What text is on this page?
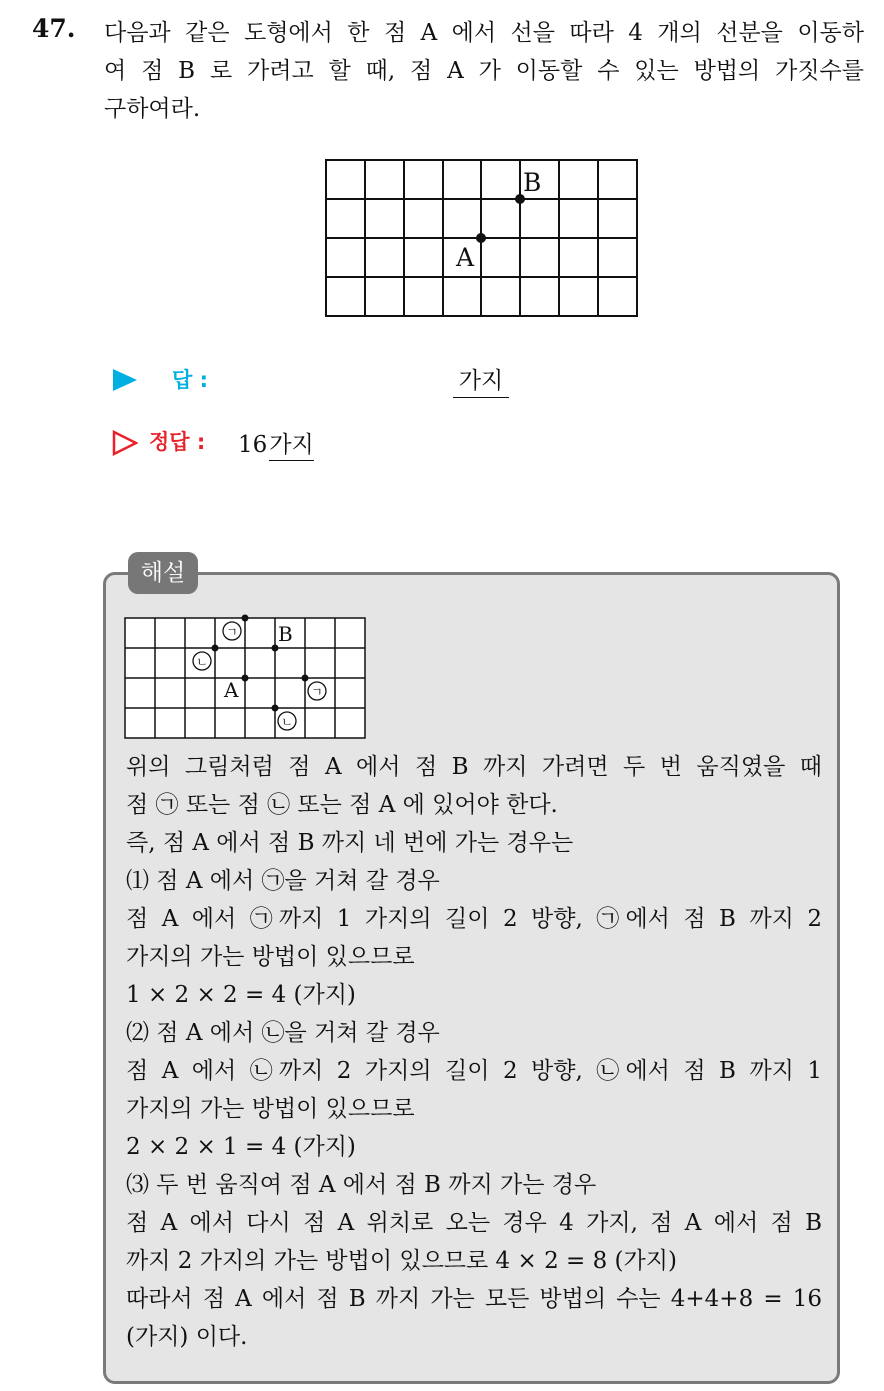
47. 다음과 같은 도형에서 한 점 A 에서 선을 따라 4 개의 선분을 이동하
여 점 B 로 가려고 할 때, 점 A 가 이동할 수 있는 방법의 가짓수를
구하여라.
A
B
답 :	가지
정답 : 16가지
해설
B
A
ㄱ
ㄴ
ㄱ
ㄴ
위의 그림처럼 점 A 에서 점 B 까지 가려면 두 번 움직였을 때
점 ㉠ 또는 점 ㉡ 또는 점 A 에 있어야 한다.
즉, 점 A 에서 점 B 까지 네 번에 가는 경우는
⑴ 점 A 에서 ㉠을 거쳐 갈 경우
점 A 에서 ㉠까지 1 가지의 길이 2 방향, ㉠에서 점 B 까지 2
가지의 가는 방법이 있으므로
1 × 2 × 2 = 4 (가지)
⑵ 점 A 에서 ㉡을 거쳐 갈 경우
점 A 에서 ㉡까지 2 가지의 길이 2 방향, ㉡에서 점 B 까지 1
가지의 가는 방법이 있으므로
2 × 2 × 1 = 4 (가지)
⑶ 두 번 움직여 점 A 에서 점 B 까지 가는 경우
점 A 에서 다시 점 A 위치로 오는 경우 4 가지, 점 A 에서 점 B
까지 2 가지의 가는 방법이 있으므로 4 × 2 = 8 (가지)
따라서 점 A 에서 점 B 까지 가는 모든 방법의 수는 4+4+8 = 16
(가지) 이다.
